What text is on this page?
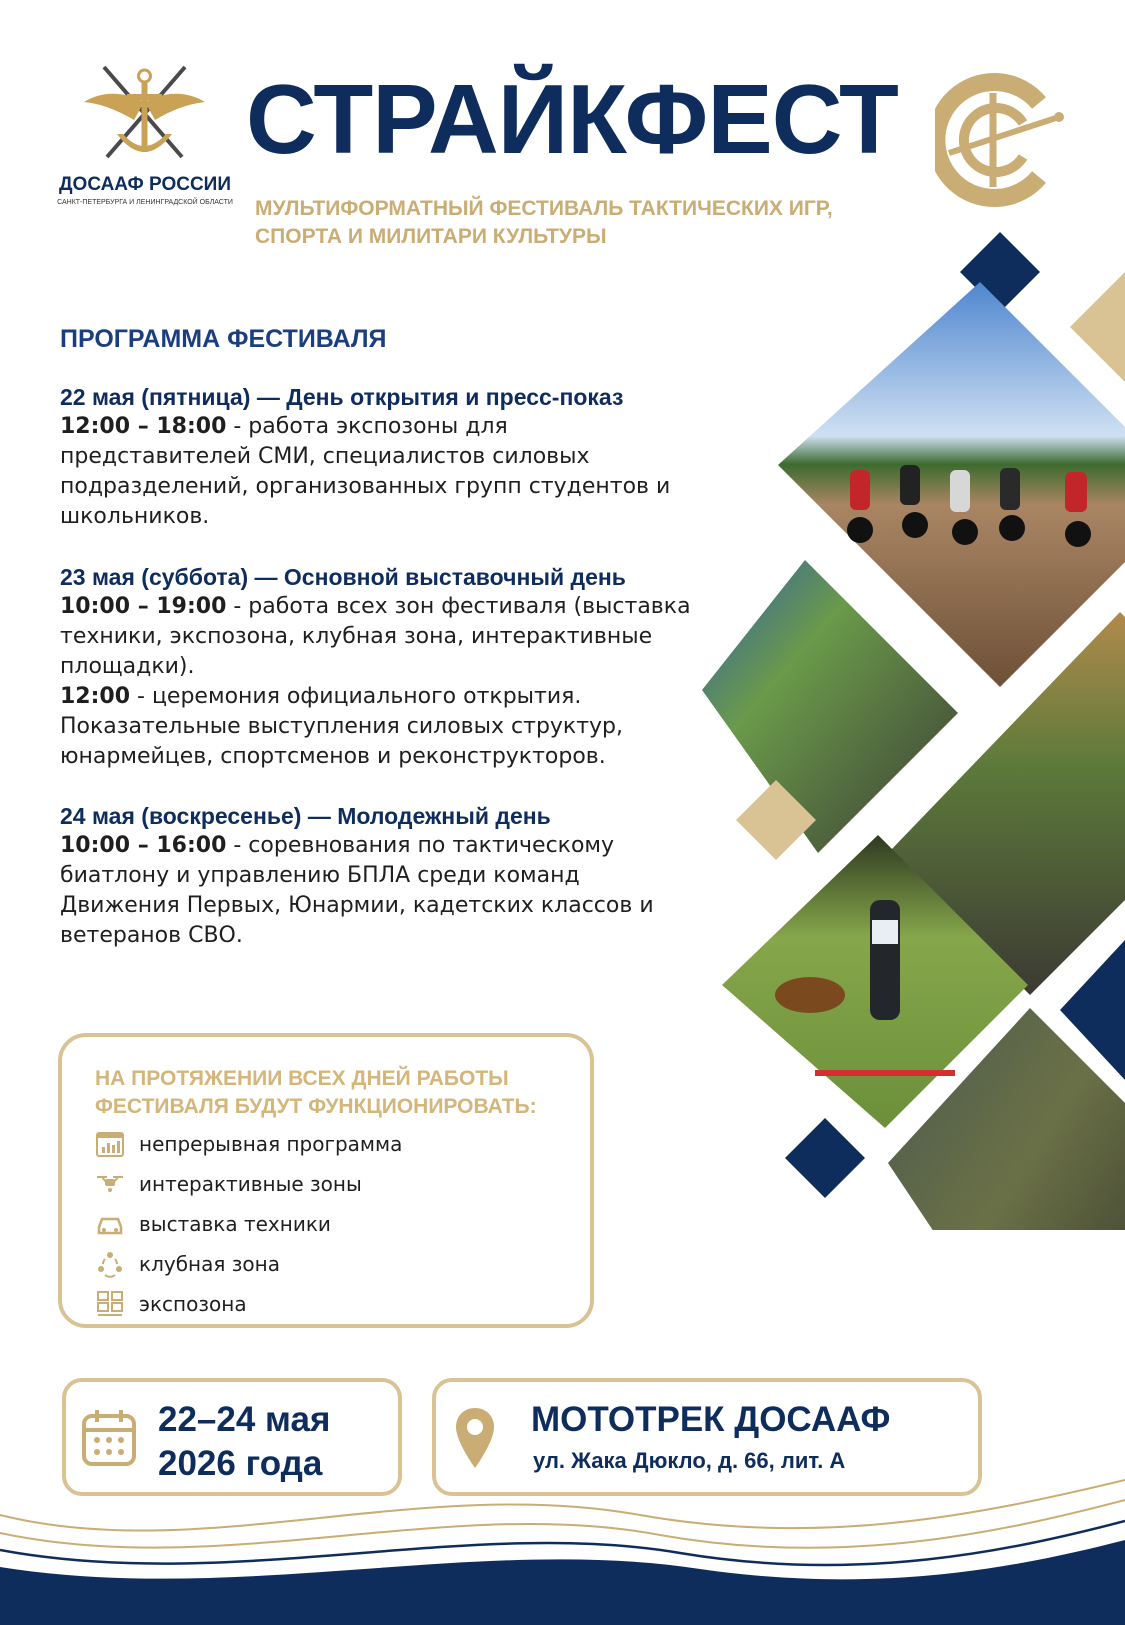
ДОСААФ РОССИИ
САНКТ-ПЕТЕРБУРГА И ЛЕНИНГРАДСКОЙ ОБЛАСТИ
СТРАЙКФЕСТ
МУЛЬТИФОРМАТНЫЙ ФЕСТИВАЛЬ ТАКТИЧЕСКИХ ИГР,
СПОРТА И МИЛИТАРИ КУЛЬТУРЫ
ПРОГРАММА ФЕСТИВАЛЯ

22 мая (пятница) — День открытия и пресс-показ

12:00 – 18:00 - работа экспозоны для представителей СМИ, специалистов силовых подразделений, организованных групп студентов и школьников.

23 мая (суббота) — Основной выставочный день

10:00 – 19:00 - работа всех зон фестиваля (выставка техники, экспозона, клубная зона, интерактивные площадки).

12:00 - церемония официального открытия. Показательные выступления силовых структур, юнармейцев, спортсменов и реконструкторов.

24 мая (воскресенье) — Молодежный день

10:00 – 16:00 - соревнования по тактическому биатлону и управлению БПЛА среди команд Движения Первых, Юнармии, кадетских классов и ветеранов СВО.

НА ПРОТЯЖЕНИИ ВСЕХ ДНЕЙ РАБОТЫ
ФЕСТИВАЛЯ БУДУТ ФУНКЦИОНИРОВАТЬ:
непрерывная программа
интерактивные зоны
выставка техники
клубная зона
экспозона
22–24 мая
2026 года
МОТОТРЕК ДОСААФ
ул. Жака Дюкло, д. 66, лит. А
